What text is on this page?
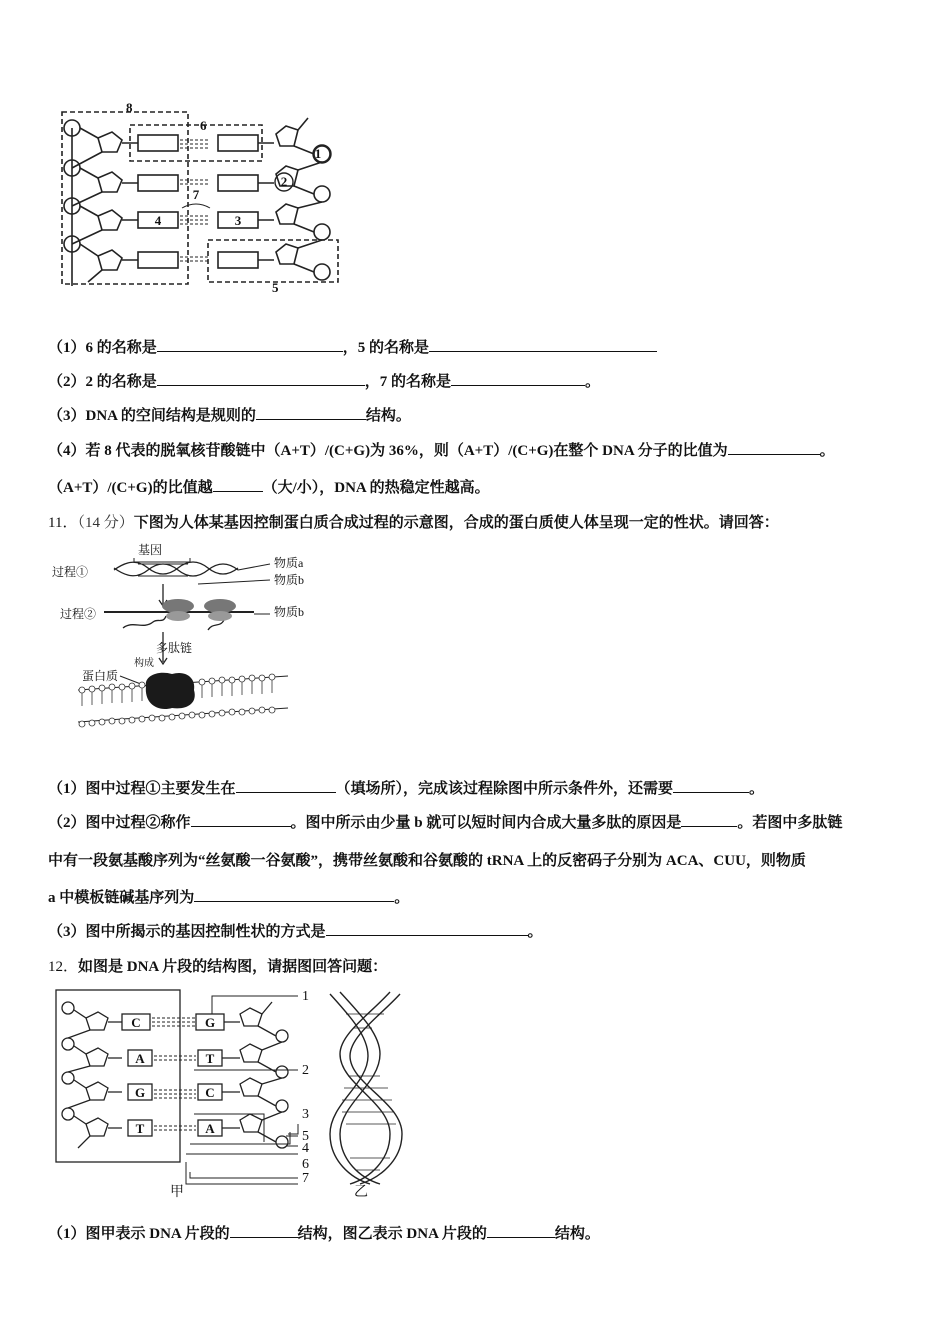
8
6
1
2
7
4	3
5
（1）6 的名称是	，5 的名称是
（2）2 的名称是	，7 的名称是	。
（3）DNA 的空间结构是规则的	结构。
（4）若 8 代表的脱氧核苷酸链中（A+T）/(C+G)为 36%，则（A+T）/(C+G)在整个 DNA 分子的比值为	。
（A+T）/(C+G)的比值越	（大/小），DNA 的热稳定性越高。
11．（14 分）下图为人体某基因控制蛋白质合成过程的示意图，合成的蛋白质使人体呈现一定的性状。请回答：
过程①
过程②
基因
物质a
物质b
物质b
多肽链
蛋白质
构成
（1）图中过程①主要发生在	（填场所），完成该过程除图中所示条件外，还需要	。
（2）图中过程②称作	。图中所示由少量 b 就可以短时间内合成大量多肽的原因是	。若图中多肽链
中有一段氨基酸序列为“丝氨酸一谷氨酸”，携带丝氨酸和谷氨酸的 tRNA 上的反密码子分别为 ACA、CUU，则物质
a 中模板链碱基序列为	。
（3）图中所揭示的基因控制性状的方式是	。
12．如图是 DNA 片段的结构图，请据图回答问题：
C
A
G
T
G
T
C
A
1
2
3
5
4
6
7
甲	乙
（1）图甲表示 DNA 片段的	结构，图乙表示 DNA 片段的	结构。
